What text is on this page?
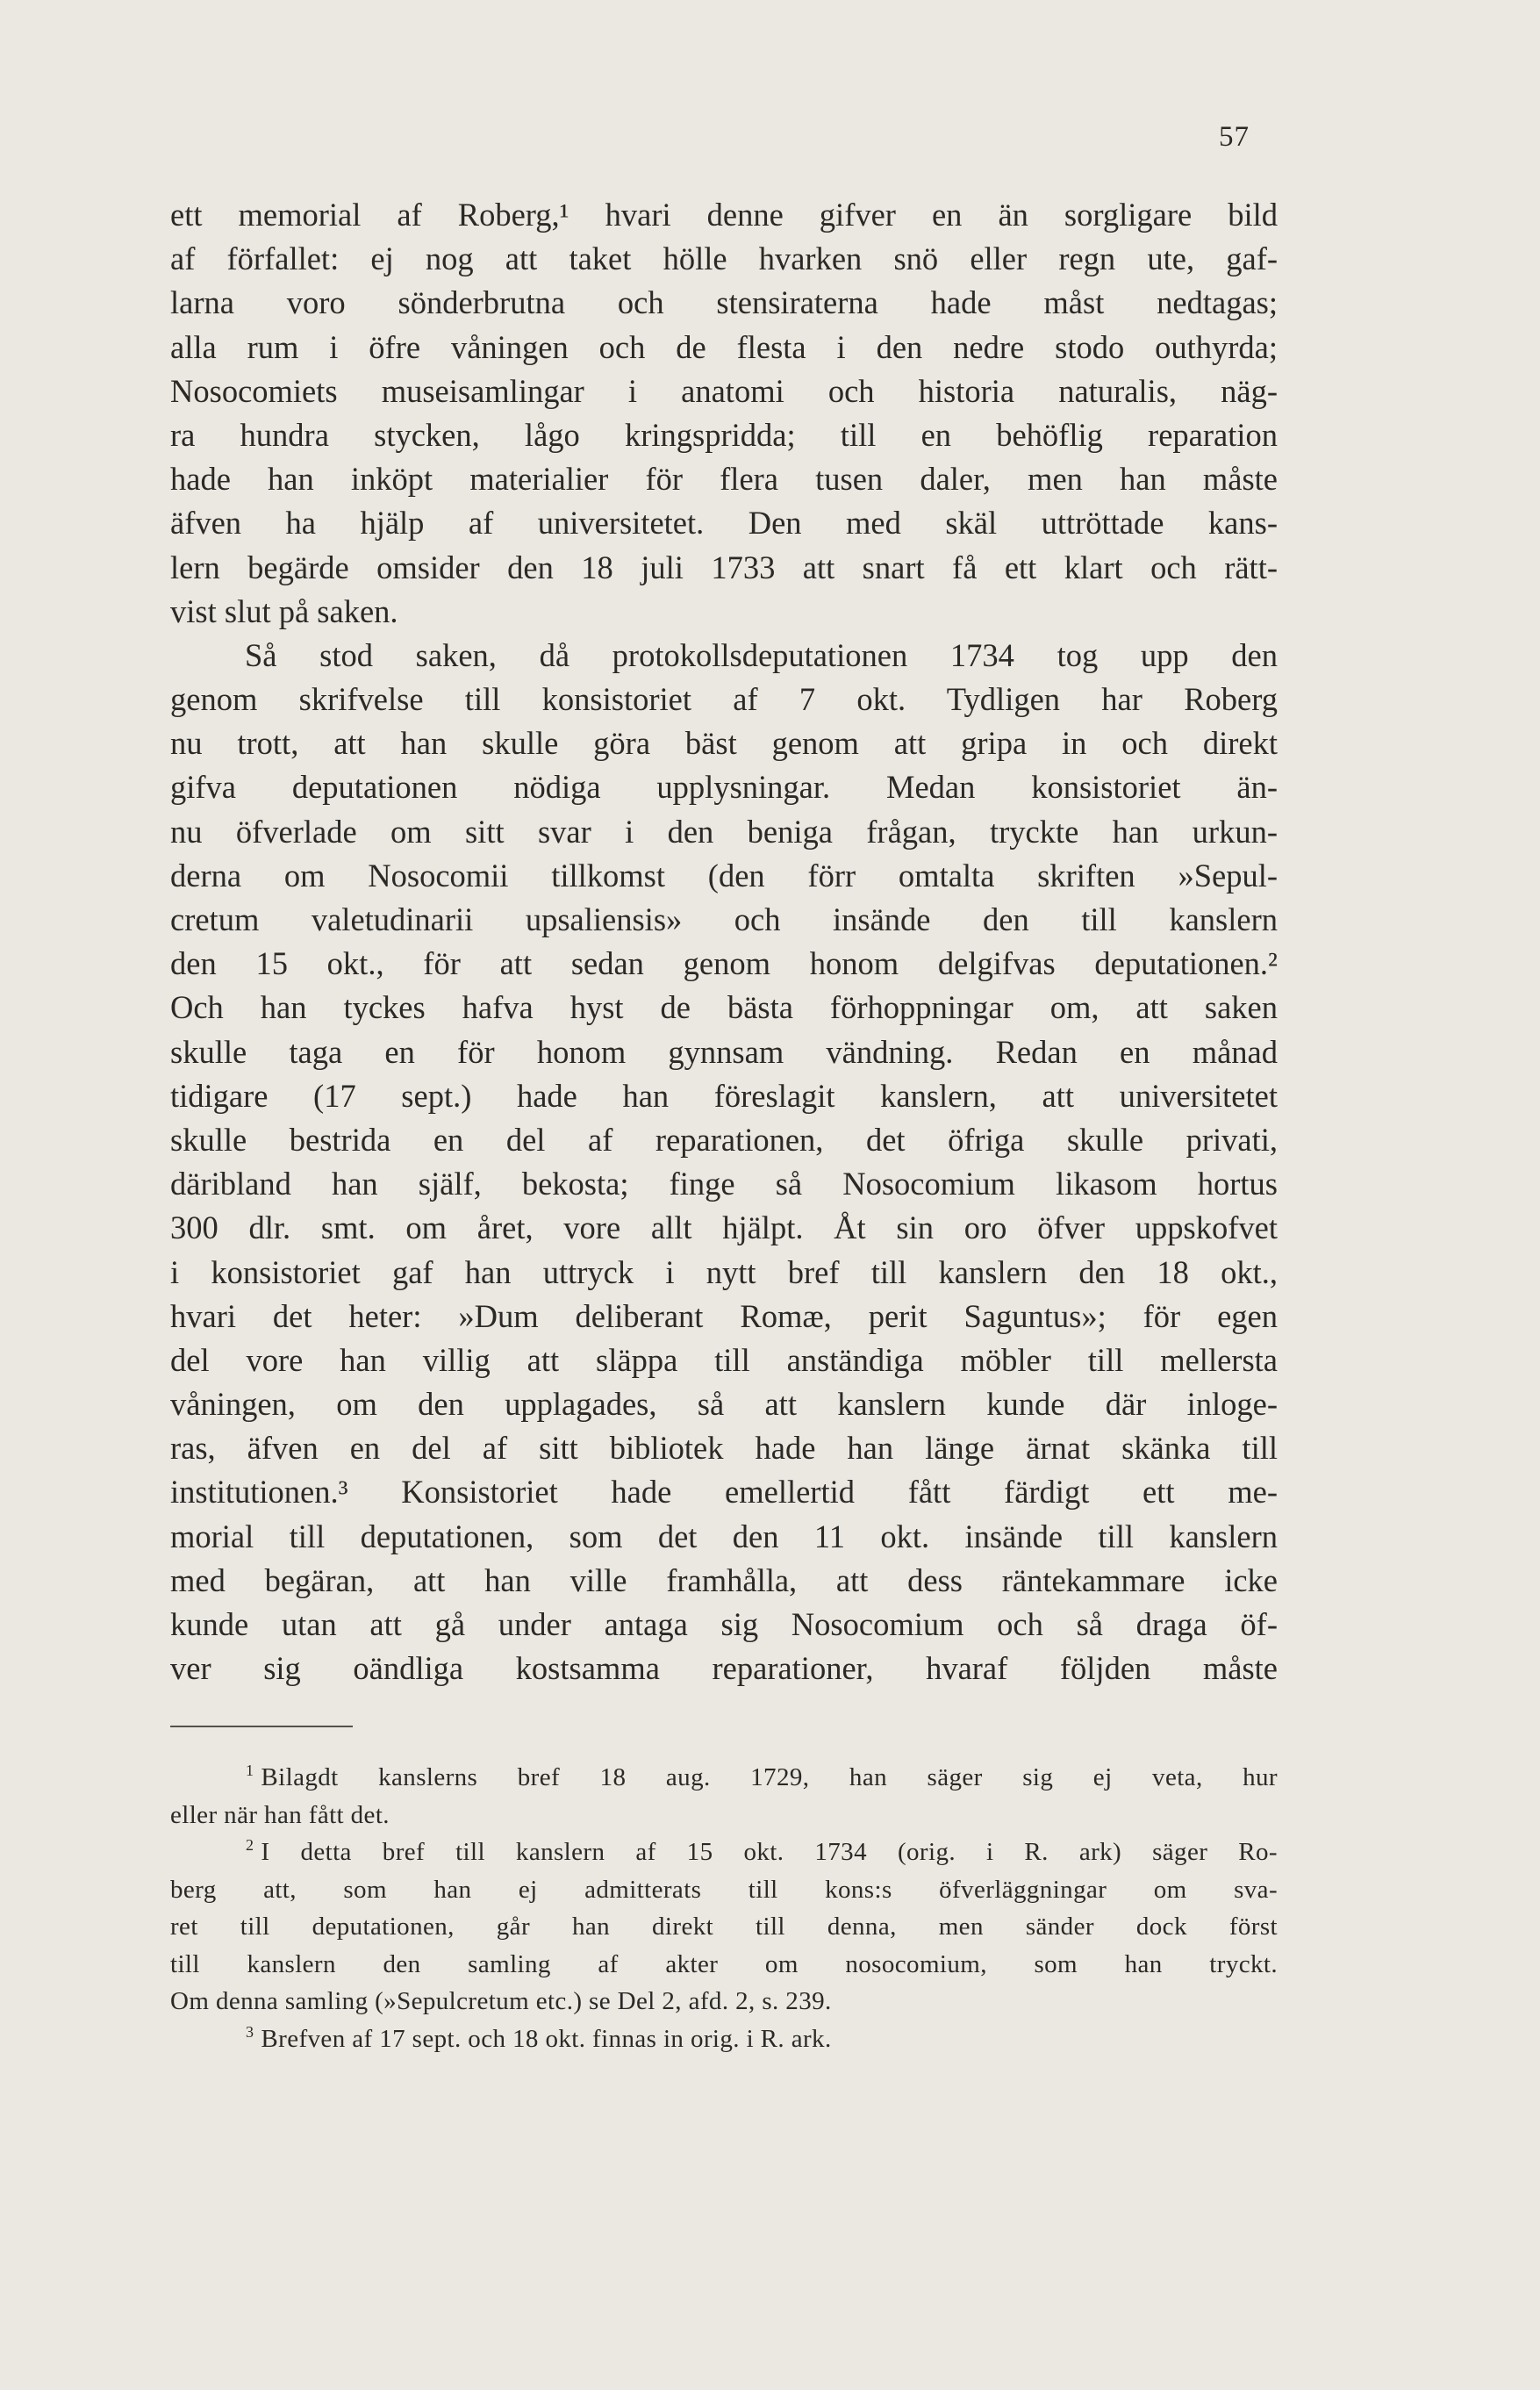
57
ett memorial af Roberg,¹ hvari denne gifver en än sorgligare bild
af förfallet: ej nog att taket hölle hvarken snö eller regn ute, gaf-
larna voro sönderbrutna och stensiraterna hade måst nedtagas;
alla rum i öfre våningen och de flesta i den nedre stodo outhyrda;
Nosocomiets museisamlingar i anatomi och historia naturalis, näg-
ra hundra stycken, lågo kringspridda; till en behöflig reparation
hade han inköpt materialier för flera tusen daler, men han måste
äfven ha hjälp af universitetet. Den med skäl uttröttade kans-
lern begärde omsider den 18 juli 1733 att snart få ett klart och rätt-
vist slut på saken.
Så stod saken, då protokollsdeputationen 1734 tog upp den
genom skrifvelse till konsistoriet af 7 okt. Tydligen har Roberg
nu trott, att han skulle göra bäst genom att gripa in och direkt
gifva deputationen nödiga upplysningar. Medan konsistoriet än-
nu öfverlade om sitt svar i den beniga frågan, tryckte han urkun-
derna om Nosocomii tillkomst (den förr omtalta skriften »Sepul-
cretum valetudinarii upsaliensis» och insände den till kanslern
den 15 okt., för att sedan genom honom delgifvas deputationen.²
Och han tyckes hafva hyst de bästa förhoppningar om, att saken
skulle taga en för honom gynnsam vändning. Redan en månad
tidigare (17 sept.) hade han föreslagit kanslern, att universitetet
skulle bestrida en del af reparationen, det öfriga skulle privati,
däribland han själf, bekosta; finge så Nosocomium likasom hortus
300 dlr. smt. om året, vore allt hjälpt. Åt sin oro öfver uppskofvet
i konsistoriet gaf han uttryck i nytt bref till kanslern den 18 okt.,
hvari det heter: »Dum deliberant Romæ, perit Saguntus»; för egen
del vore han villig att släppa till anständiga möbler till mellersta
våningen, om den upplagades, så att kanslern kunde där inloge-
ras, äfven en del af sitt bibliotek hade han länge ärnat skänka till
institutionen.³ Konsistoriet hade emellertid fått färdigt ett me-
morial till deputationen, som det den 11 okt. insände till kanslern
med begäran, att han ville framhålla, att dess räntekammare icke
kunde utan att gå under antaga sig Nosocomium och så draga öf-
ver sig oändliga kostsamma reparationer, hvaraf följden måste
1 Bilagdt kanslerns bref 18 aug. 1729, han säger sig ej veta, hur
eller när han fått det.
2 I detta bref till kanslern af 15 okt. 1734 (orig. i R. ark) säger Ro-
berg att, som han ej admitterats till kons:s öfverläggningar om sva-
ret till deputationen, går han direkt till denna, men sänder dock först
till kanslern den samling af akter om nosocomium, som han tryckt.
Om denna samling (»Sepulcretum etc.) se Del 2, afd. 2, s. 239.
3 Brefven af 17 sept. och 18 okt. finnas in orig. i R. ark.
